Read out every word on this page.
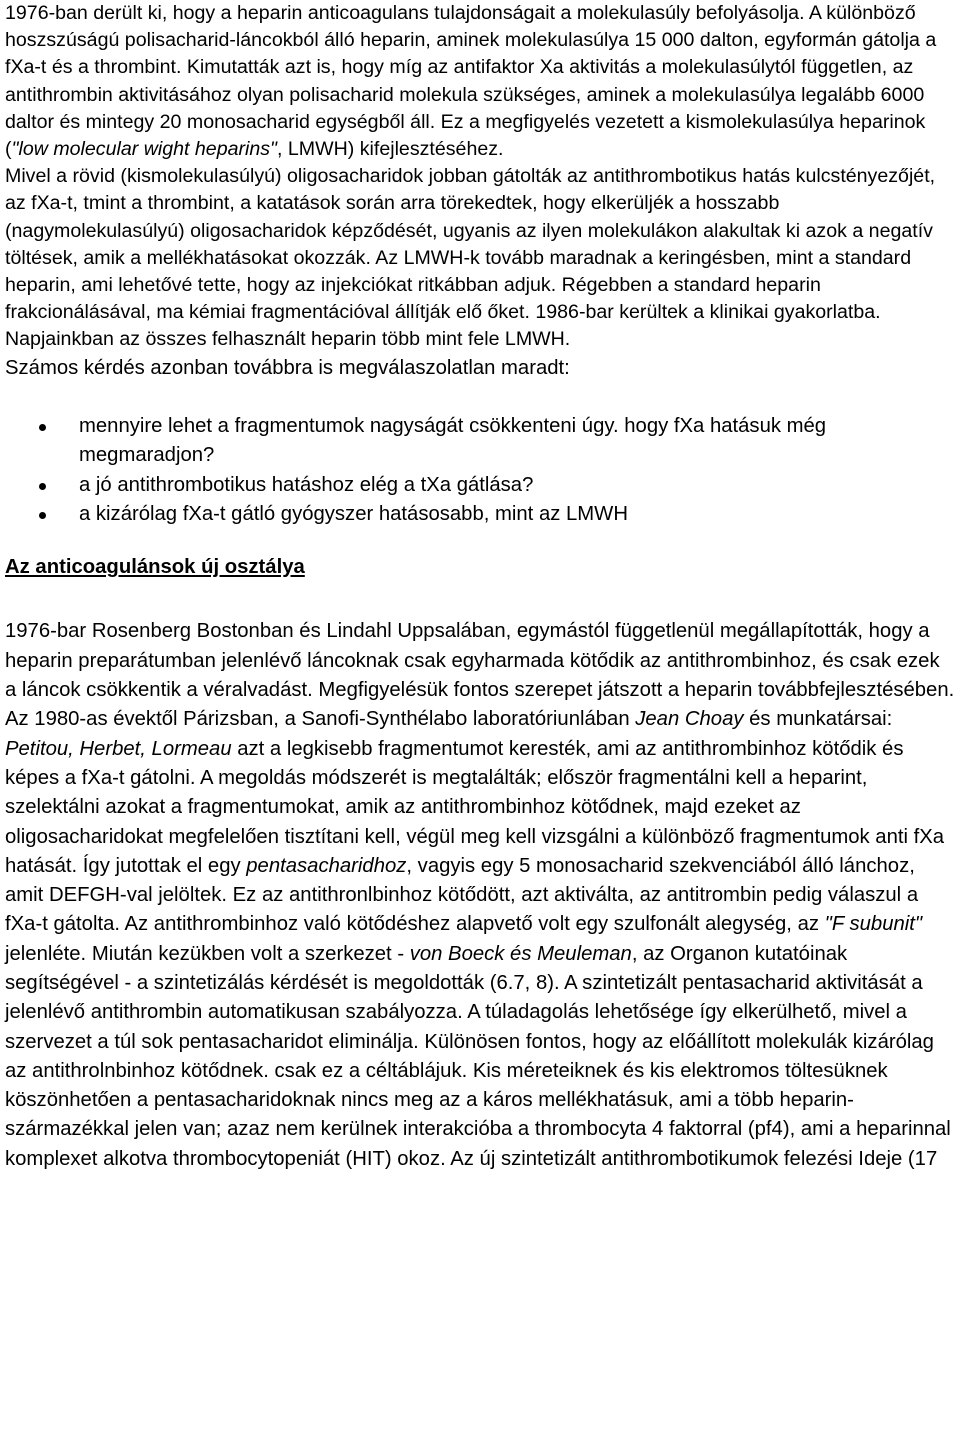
1976-ban derült ki, hogy a heparin anticoagulans tulajdonságait a molekulasúly befolyásolja. A különböző hoszszúságú polisacharid-láncokból álló heparin, aminek molekulasúlya 15 000 dalton, egyformán gátolja a fXa-t és a thrombint. Kimutatták azt is, hogy míg az antifaktor Xa aktivitás a molekulasúlytól független, az antithrombin aktivitásához olyan polisacharid molekula szükséges, aminek a molekulasúlya legalább 6000 daltor és mintegy 20 monosacharid egységből áll. Ez a megfigyelés vezetett a kismolekulasúlya heparinok ("low molecular wight heparins", LMWH) kifejlesztéséhez.

Mivel a rövid (kismolekulasúlyú) oligosacharidok jobban gátolták az antithrombotikus hatás kulcstényezőjét, az fXa-t, tmint a thrombint, a katatások során arra törekedtek, hogy elkerüljék a hosszabb (nagymolekulasúlyú) oligosacharidok képződését, ugyanis az ilyen molekulákon alakultak ki azok a negatív töltések, amik a mellékhatásokat okozzák. Az LMWH-k tovább maradnak a keringésben, mint a standard heparin, ami lehetővé tette, hogy az injekciókat ritkábban adjuk. Régebben a standard heparin frakcionálásával, ma kémiai fragmentációval állítják elő őket. 1986-bar kerültek a klinikai gyakorlatba. Napjainkban az összes felhasznált heparin több mint fele LMWH.

Számos kérdés azonban továbbra is megválaszolatlan maradt:

mennyire lehet a fragmentumok nagyságát csökkenteni úgy. hogy fXa hatásuk még megmaradjon?
a jó antithrombotikus hatáshoz elég a tXa gátlása?
a kizárólag fXa-t gátló gyógyszer hatásosabb, mint az LMWH
Az anticoagulánsok új osztálya

1976-bar Rosenberg Bostonban és Lindahl Uppsalában, egymástól függetlenül megállapították, hogy a heparin preparátumban jelenlévő láncoknak csak egyharmada kötődik az antithrombinhoz, és csak ezek a láncok csökkentik a véralvadást. Megfigyelésük fontos szerepet játszott a heparin továbbfejlesztésében. Az 1980-as évektől Párizsban, a Sanofi-Synthélabo laboratóriunlában Jean Choay és munkatársai: Petitou, Herbet, Lormeau azt a legkisebb fragmentumot keresték, ami az antithrombinhoz kötődik és képes a fXa-t gátolni. A megoldás módszerét is megtalálták; először fragmentálni kell a heparint, szelektálni azokat a fragmentumokat, amik az antithrombinhoz kötődnek, majd ezeket az oligosacharidokat megfelelően tisztítani kell, végül meg kell vizsgálni a különböző fragmentumok anti fXa hatását. Így jutottak el egy pentasacharidhoz, vagyis egy 5 monosacharid szekvenciából álló lánchoz, amit DEFGH-val jelöltek. Ez az antithronlbinhoz kötődött, azt aktiválta, az antitrombin pedig válaszul a fXa-t gátolta. Az antithrombinhoz való kötődéshez alapvető volt egy szulfonált alegység, az "F subunit" jelenléte. Miután kezükben volt a szerkezet - von Boeck és Meuleman, az Organon kutatóinak segítségével - a szintetizálás kérdését is megoldották (6.7, 8). A szintetizált pentasacharid aktivitását a jelenlévő antithrombin automatikusan szabályozza. A túladagolás lehetősége így elkerülhető, mivel a szervezet a túl sok pentasacharidot eliminálja. Különösen fontos, hogy az előállított molekulák kizárólag az antithrolnbinhoz kötődnek. csak ez a céltáblájuk. Kis méreteiknek és kis elektromos töltesüknek köszönhetően a pentasacharidoknak nincs meg az a káros mellékhatásuk, ami a több heparin-származékkal jelen van; azaz nem kerülnek interakcióba a thrombocyta 4 faktorral (pf4), ami a heparinnal komplexet alkotva thrombocytopeniát (HIT) okoz. Az új szintetizált antithrombotikumok felezési Ideje (17
